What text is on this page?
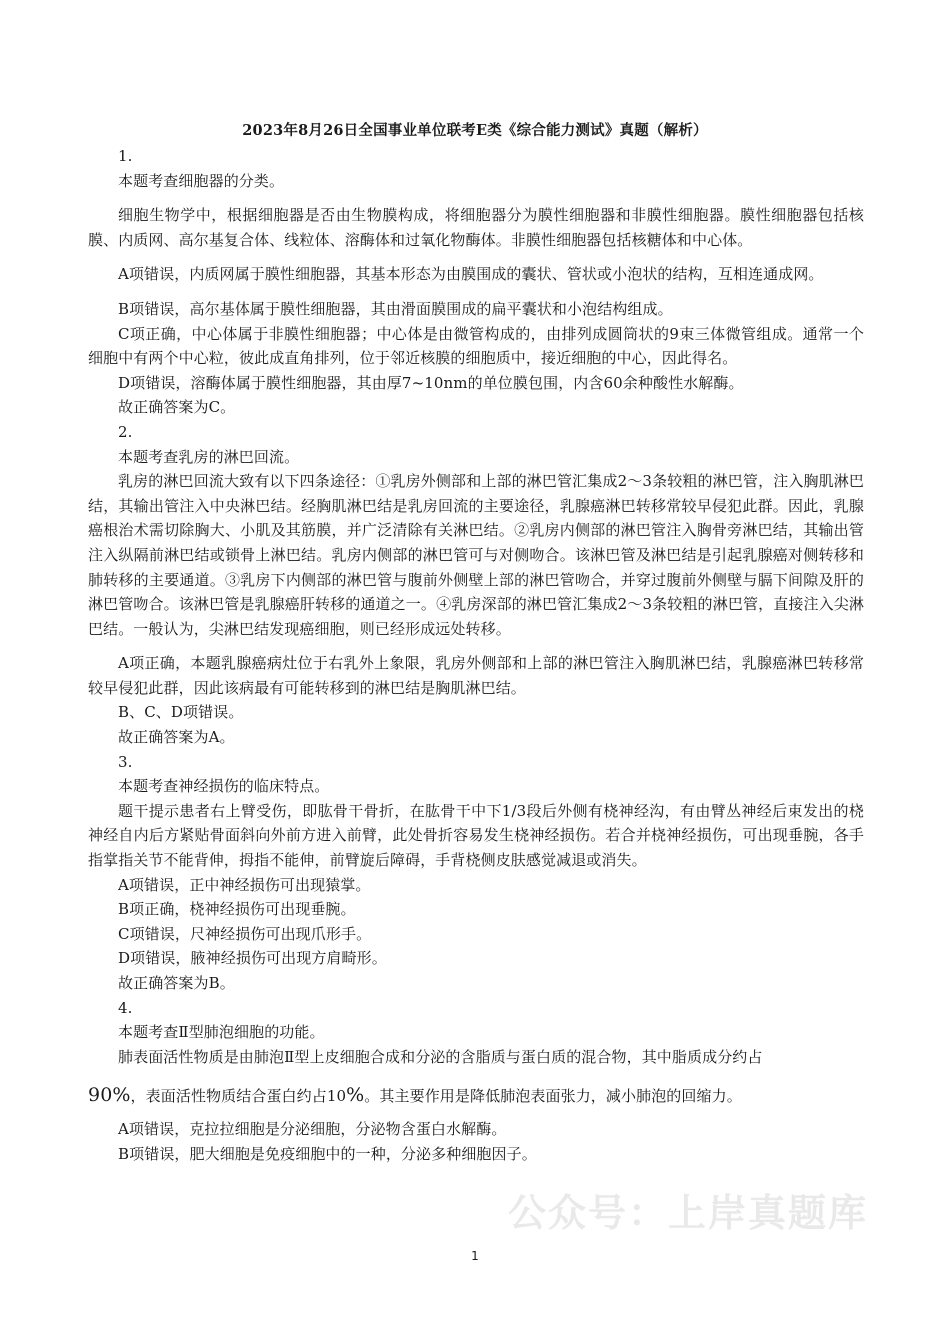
2023年8月26日全国事业单位联考E类《综合能力测试》真题（解析）

1.

本题考查细胞器的分类。

细胞生物学中，根据细胞器是否由生物膜构成，将细胞器分为膜性细胞器和非膜性细胞器。膜性细胞器包括核膜、内质网、高尔基复合体、线粒体、溶酶体和过氧化物酶体。非膜性细胞器包括核糖体和中心体。

A项错误，内质网属于膜性细胞器，其基本形态为由膜围成的囊状、管状或小泡状的结构，互相连通成网。

B项错误，高尔基体属于膜性细胞器，其由滑面膜围成的扁平囊状和小泡结构组成。

C项正确，中心体属于非膜性细胞器；中心体是由微管构成的，由排列成圆筒状的9束三体微管组成。通常一个细胞中有两个中心粒，彼此成直角排列，位于邻近核膜的细胞质中，接近细胞的中心，因此得名。

D项错误，溶酶体属于膜性细胞器，其由厚7~10nm的单位膜包围，内含60余种酸性水解酶。

故正确答案为C。

2.

本题考查乳房的淋巴回流。

乳房的淋巴回流大致有以下四条途径：①乳房外侧部和上部的淋巴管汇集成2～3条较粗的淋巴管，注入胸肌淋巴结，其输出管注入中央淋巴结。经胸肌淋巴结是乳房回流的主要途径，乳腺癌淋巴转移常较早侵犯此群。因此，乳腺癌根治术需切除胸大、小肌及其筋膜，并广泛清除有关淋巴结。②乳房内侧部的淋巴管注入胸骨旁淋巴结，其输出管注入纵隔前淋巴结或锁骨上淋巴结。乳房内侧部的淋巴管可与对侧吻合。该淋巴管及淋巴结是引起乳腺癌对侧转移和肺转移的主要通道。③乳房下内侧部的淋巴管与腹前外侧壁上部的淋巴管吻合，并穿过腹前外侧壁与膈下间隙及肝的淋巴管吻合。该淋巴管是乳腺癌肝转移的通道之一。④乳房深部的淋巴管汇集成2～3条较粗的淋巴管，直接注入尖淋巴结。一般认为，尖淋巴结发现癌细胞，则已经形成远处转移。

A项正确，本题乳腺癌病灶位于右乳外上象限，乳房外侧部和上部的淋巴管注入胸肌淋巴结，乳腺癌淋巴转移常较早侵犯此群，因此该病最有可能转移到的淋巴结是胸肌淋巴结。

B、C、D项错误。

故正确答案为A。

3.

本题考查神经损伤的临床特点。

题干提示患者右上臂受伤，即肱骨干骨折，在肱骨干中下1/3段后外侧有桡神经沟，有由臂丛神经后束发出的桡神经自内后方紧贴骨面斜向外前方进入前臂，此处骨折容易发生桡神经损伤。若合并桡神经损伤，可出现垂腕，各手指掌指关节不能背伸，拇指不能伸，前臂旋后障碍，手背桡侧皮肤感觉减退或消失。

A项错误，正中神经损伤可出现猿掌。

B项正确，桡神经损伤可出现垂腕。

C项错误，尺神经损伤可出现爪形手。

D项错误，腋神经损伤可出现方肩畸形。

故正确答案为B。

4.

本题考查Ⅱ型肺泡细胞的功能。

肺表面活性物质是由肺泡Ⅱ型上皮细胞合成和分泌的含脂质与蛋白质的混合物，其中脂质成分约占

90%，表面活性物质结合蛋白约占10%。其主要作用是降低肺泡表面张力，减小肺泡的回缩力。

A项错误，克拉拉细胞是分泌细胞，分泌物含蛋白水解酶。

B项错误，肥大细胞是免疫细胞中的一种，分泌多种细胞因子。

公众号：上岸真题库
1
